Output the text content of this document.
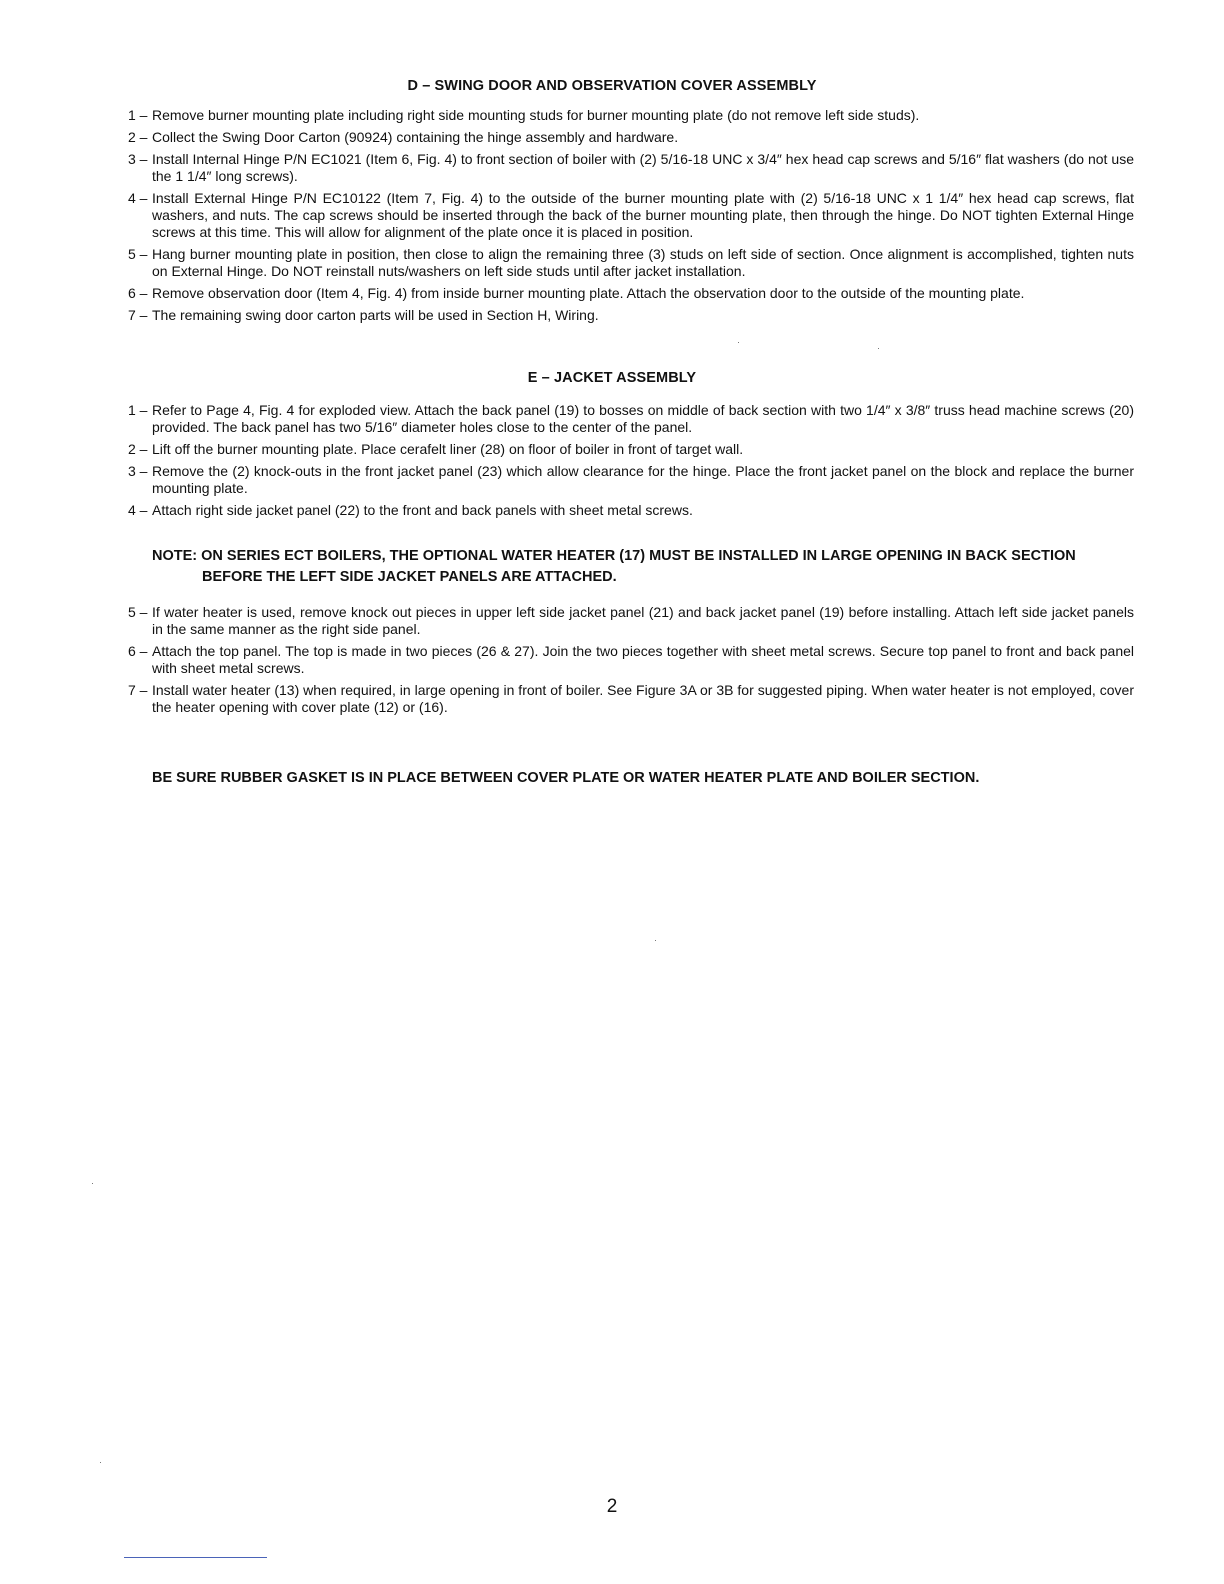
D – SWING DOOR AND OBSERVATION COVER ASSEMBLY
1 – Remove burner mounting plate including right side mounting studs for burner mounting plate (do not remove left side studs).
2 – Collect the Swing Door Carton (90924) containing the hinge assembly and hardware.
3 – Install Internal Hinge P/N EC1021 (Item 6, Fig. 4) to front section of boiler with (2) 5/16-18 UNC x 3/4″ hex head cap screws and 5/16″ flat washers (do not use the 1 1/4″ long screws).
4 – Install External Hinge P/N EC10122 (Item 7, Fig. 4) to the outside of the burner mounting plate with (2) 5/16-18 UNC x 1 1/4″ hex head cap screws, flat washers, and nuts. The cap screws should be inserted through the back of the burner mounting plate, then through the hinge. Do NOT tighten External Hinge screws at this time. This will allow for alignment of the plate once it is placed in position.
5 – Hang burner mounting plate in position, then close to align the remaining three (3) studs on left side of section. Once alignment is accomplished, tighten nuts on External Hinge. Do NOT reinstall nuts/washers on left side studs until after jacket installation.
6 – Remove observation door (Item 4, Fig. 4) from inside burner mounting plate. Attach the observation door to the outside of the mounting plate.
7 – The remaining swing door carton parts will be used in Section H, Wiring.
E – JACKET ASSEMBLY
1 – Refer to Page 4, Fig. 4 for exploded view. Attach the back panel (19) to bosses on middle of back section with two 1/4″ x 3/8″ truss head machine screws (20) provided. The back panel has two 5/16″ diameter holes close to the center of the panel.
2 – Lift off the burner mounting plate. Place cerafelt liner (28) on floor of boiler in front of target wall.
3 – Remove the (2) knock-outs in the front jacket panel (23) which allow clearance for the hinge. Place the front jacket panel on the block and replace the burner mounting plate.
4 – Attach right side jacket panel (22) to the front and back panels with sheet metal screws.
NOTE: ON SERIES ECT BOILERS, THE OPTIONAL WATER HEATER (17) MUST BE INSTALLED IN LARGE OPENING IN BACK SECTION
BEFORE THE LEFT SIDE JACKET PANELS ARE ATTACHED.
5 – If water heater is used, remove knock out pieces in upper left side jacket panel (21) and back jacket panel (19) before installing. Attach left side jacket panels in the same manner as the right side panel.
6 – Attach the top panel. The top is made in two pieces (26 & 27). Join the two pieces together with sheet metal screws. Secure top panel to front and back panel with sheet metal screws.
7 – Install water heater (13) when required, in large opening in front of boiler. See Figure 3A or 3B for suggested piping. When water heater is not employed, cover the heater opening with cover plate (12) or (16).
BE SURE RUBBER GASKET IS IN PLACE BETWEEN COVER PLATE OR WATER HEATER PLATE AND BOILER SECTION.
2
